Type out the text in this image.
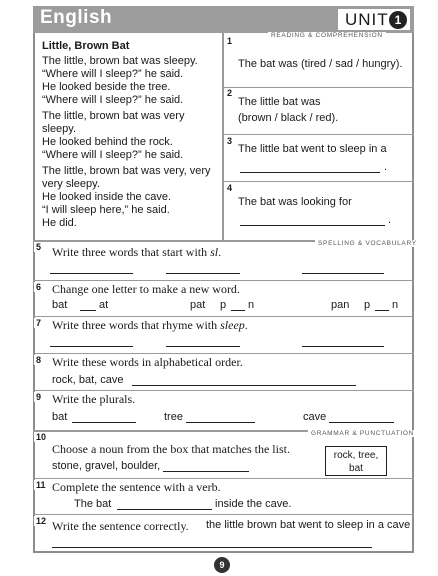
English	UNIT 1
Little, Brown Bat
The little, brown bat was sleepy.
“Where will I sleep?” he said.
He looked beside the tree.
“Where will I sleep?” he said.
The little, brown bat was very
sleepy.
He looked behind the rock.
“Where will I sleep?” he said.
The little, brown bat was very, very
very sleepy.
He looked inside the cave.
“I will sleep here,” he said.
He did.
READING & COMPREHENSION
1
The bat was (tired / sad / hungry).
2
The little bat was
(brown / black / red).
3
The little bat went to sleep in a
.
4
The bat was looking for
.
SPELLING & VOCABULARY
5 Write three words that start with sl.
6 Change one letter to make a new word.
bat	at	pat p n	pan p n
7 Write three words that rhyme with sleep.
8 Write these words in alphabetical order.
rock, bat, cave
9 Write the plurals.
bat	tree	cave
GRAMMAR & PUNCTUATION
10
Choose a noun from the box that matches the list.
stone, gravel, boulder,
rock, tree,
bat
11 Complete the sentence with a verb.
The bat	inside the cave.
12 Write the sentence correctly. the little brown bat went to sleep in a cave
9
